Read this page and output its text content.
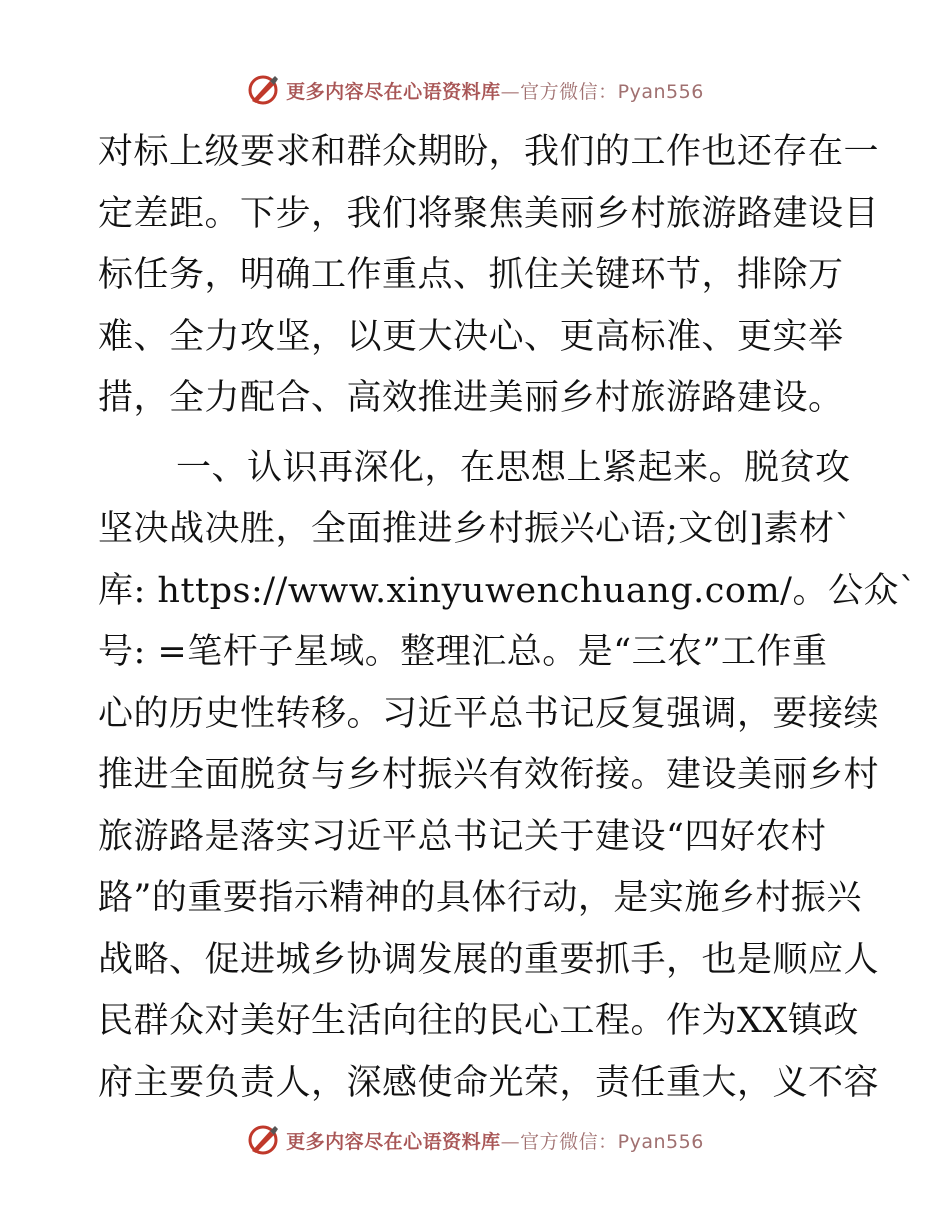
更多内容尽在心语资料库—官方微信：Pyan556
对标上级要求和群众期盼，我们的工作也还存在一
定差距。下步，我们将聚焦美丽乡村旅游路建设目
标任务，明确工作重点、抓住关键环节，排除万
难、全力攻坚，以更大决心、更高标准、更实举
措，全力配合、高效推进美丽乡村旅游路建设。
一、认识再深化，在思想上紧起来。脱贫攻
坚决战决胜，全面推进乡村振兴心语;文创]素材`
库: https://www.xinyuwenchuang.com/。公众`
号: =笔杆子星域。整理汇总。是“三农”工作重
心的历史性转移。习近平总书记反复强调，要接续
推进全面脱贫与乡村振兴有效衔接。建设美丽乡村
旅游路是落实习近平总书记关于建设“四好农村
路”的重要指示精神的具体行动，是实施乡村振兴
战略、促进城乡协调发展的重要抓手，也是顺应人
民群众对美好生活向往的民心工程。作为XX镇政
府主要负责人，深感使命光荣，责任重大，义不容
更多内容尽在心语资料库—官方微信：Pyan556
